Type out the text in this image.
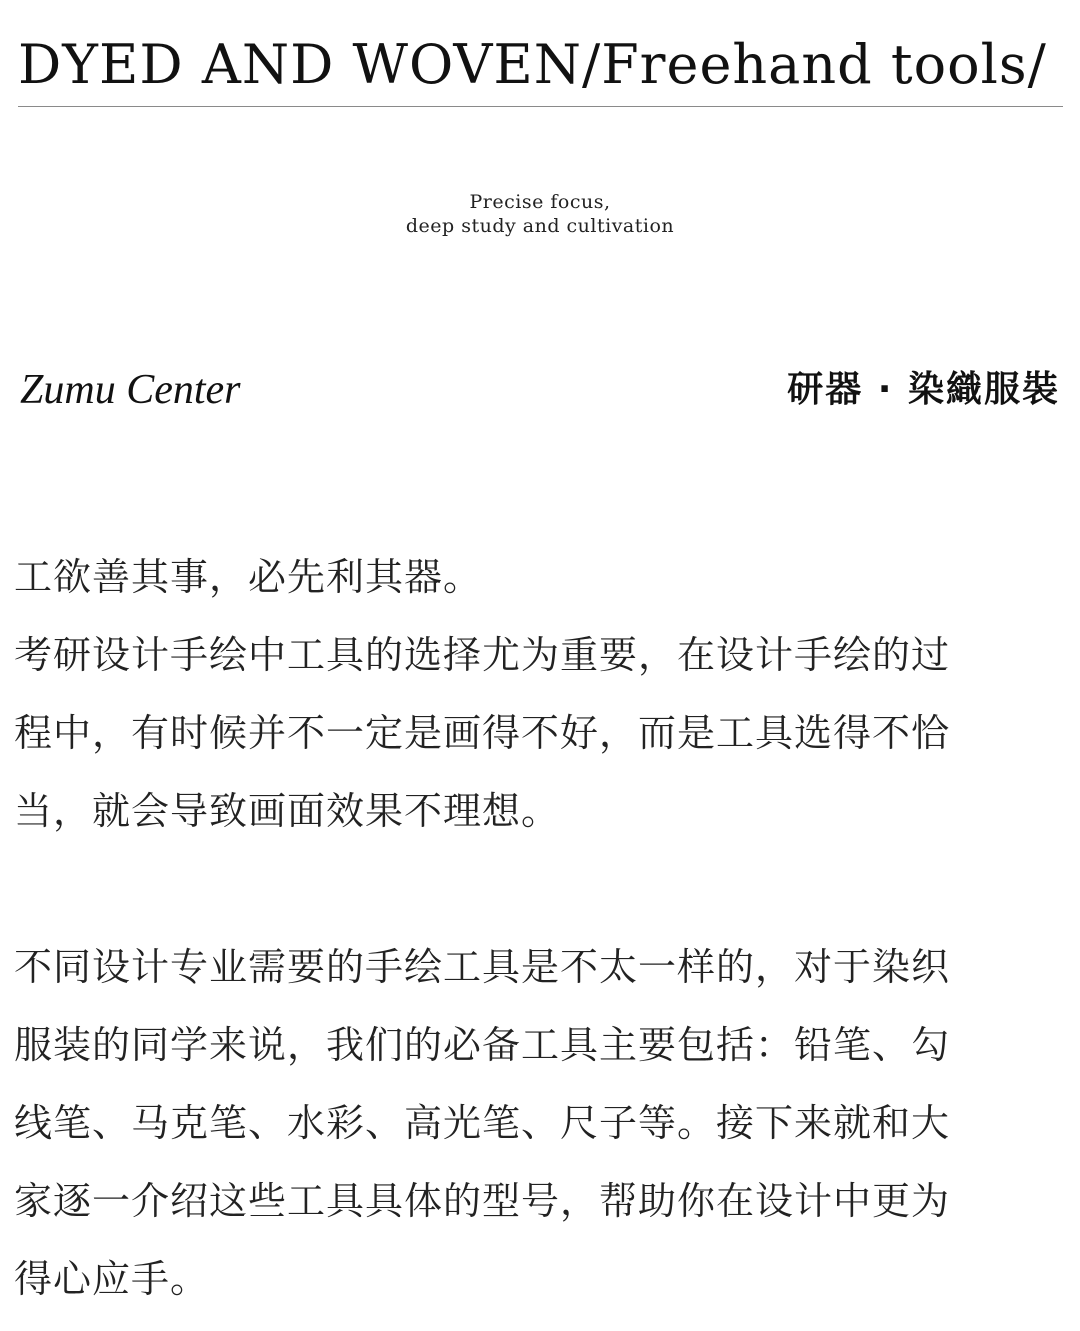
DYED AND WOVEN/Freehand tools/
Precise focus,
deep study and cultivation
Zumu Center	研器 · 染織服裝
工欲善其事，必先利其器。
考研设计手绘中工具的选择尤为重要，在设计手绘的过
程中，有时候并不一定是画得不好，而是工具选得不恰
当，就会导致画面效果不理想。
不同设计专业需要的手绘工具是不太一样的，对于染织
服装的同学来说，我们的必备工具主要包括：铅笔、勾
线笔、马克笔、水彩、高光笔、尺子等。接下来就和大
家逐一介绍这些工具具体的型号，帮助你在设计中更为
得心应手。
